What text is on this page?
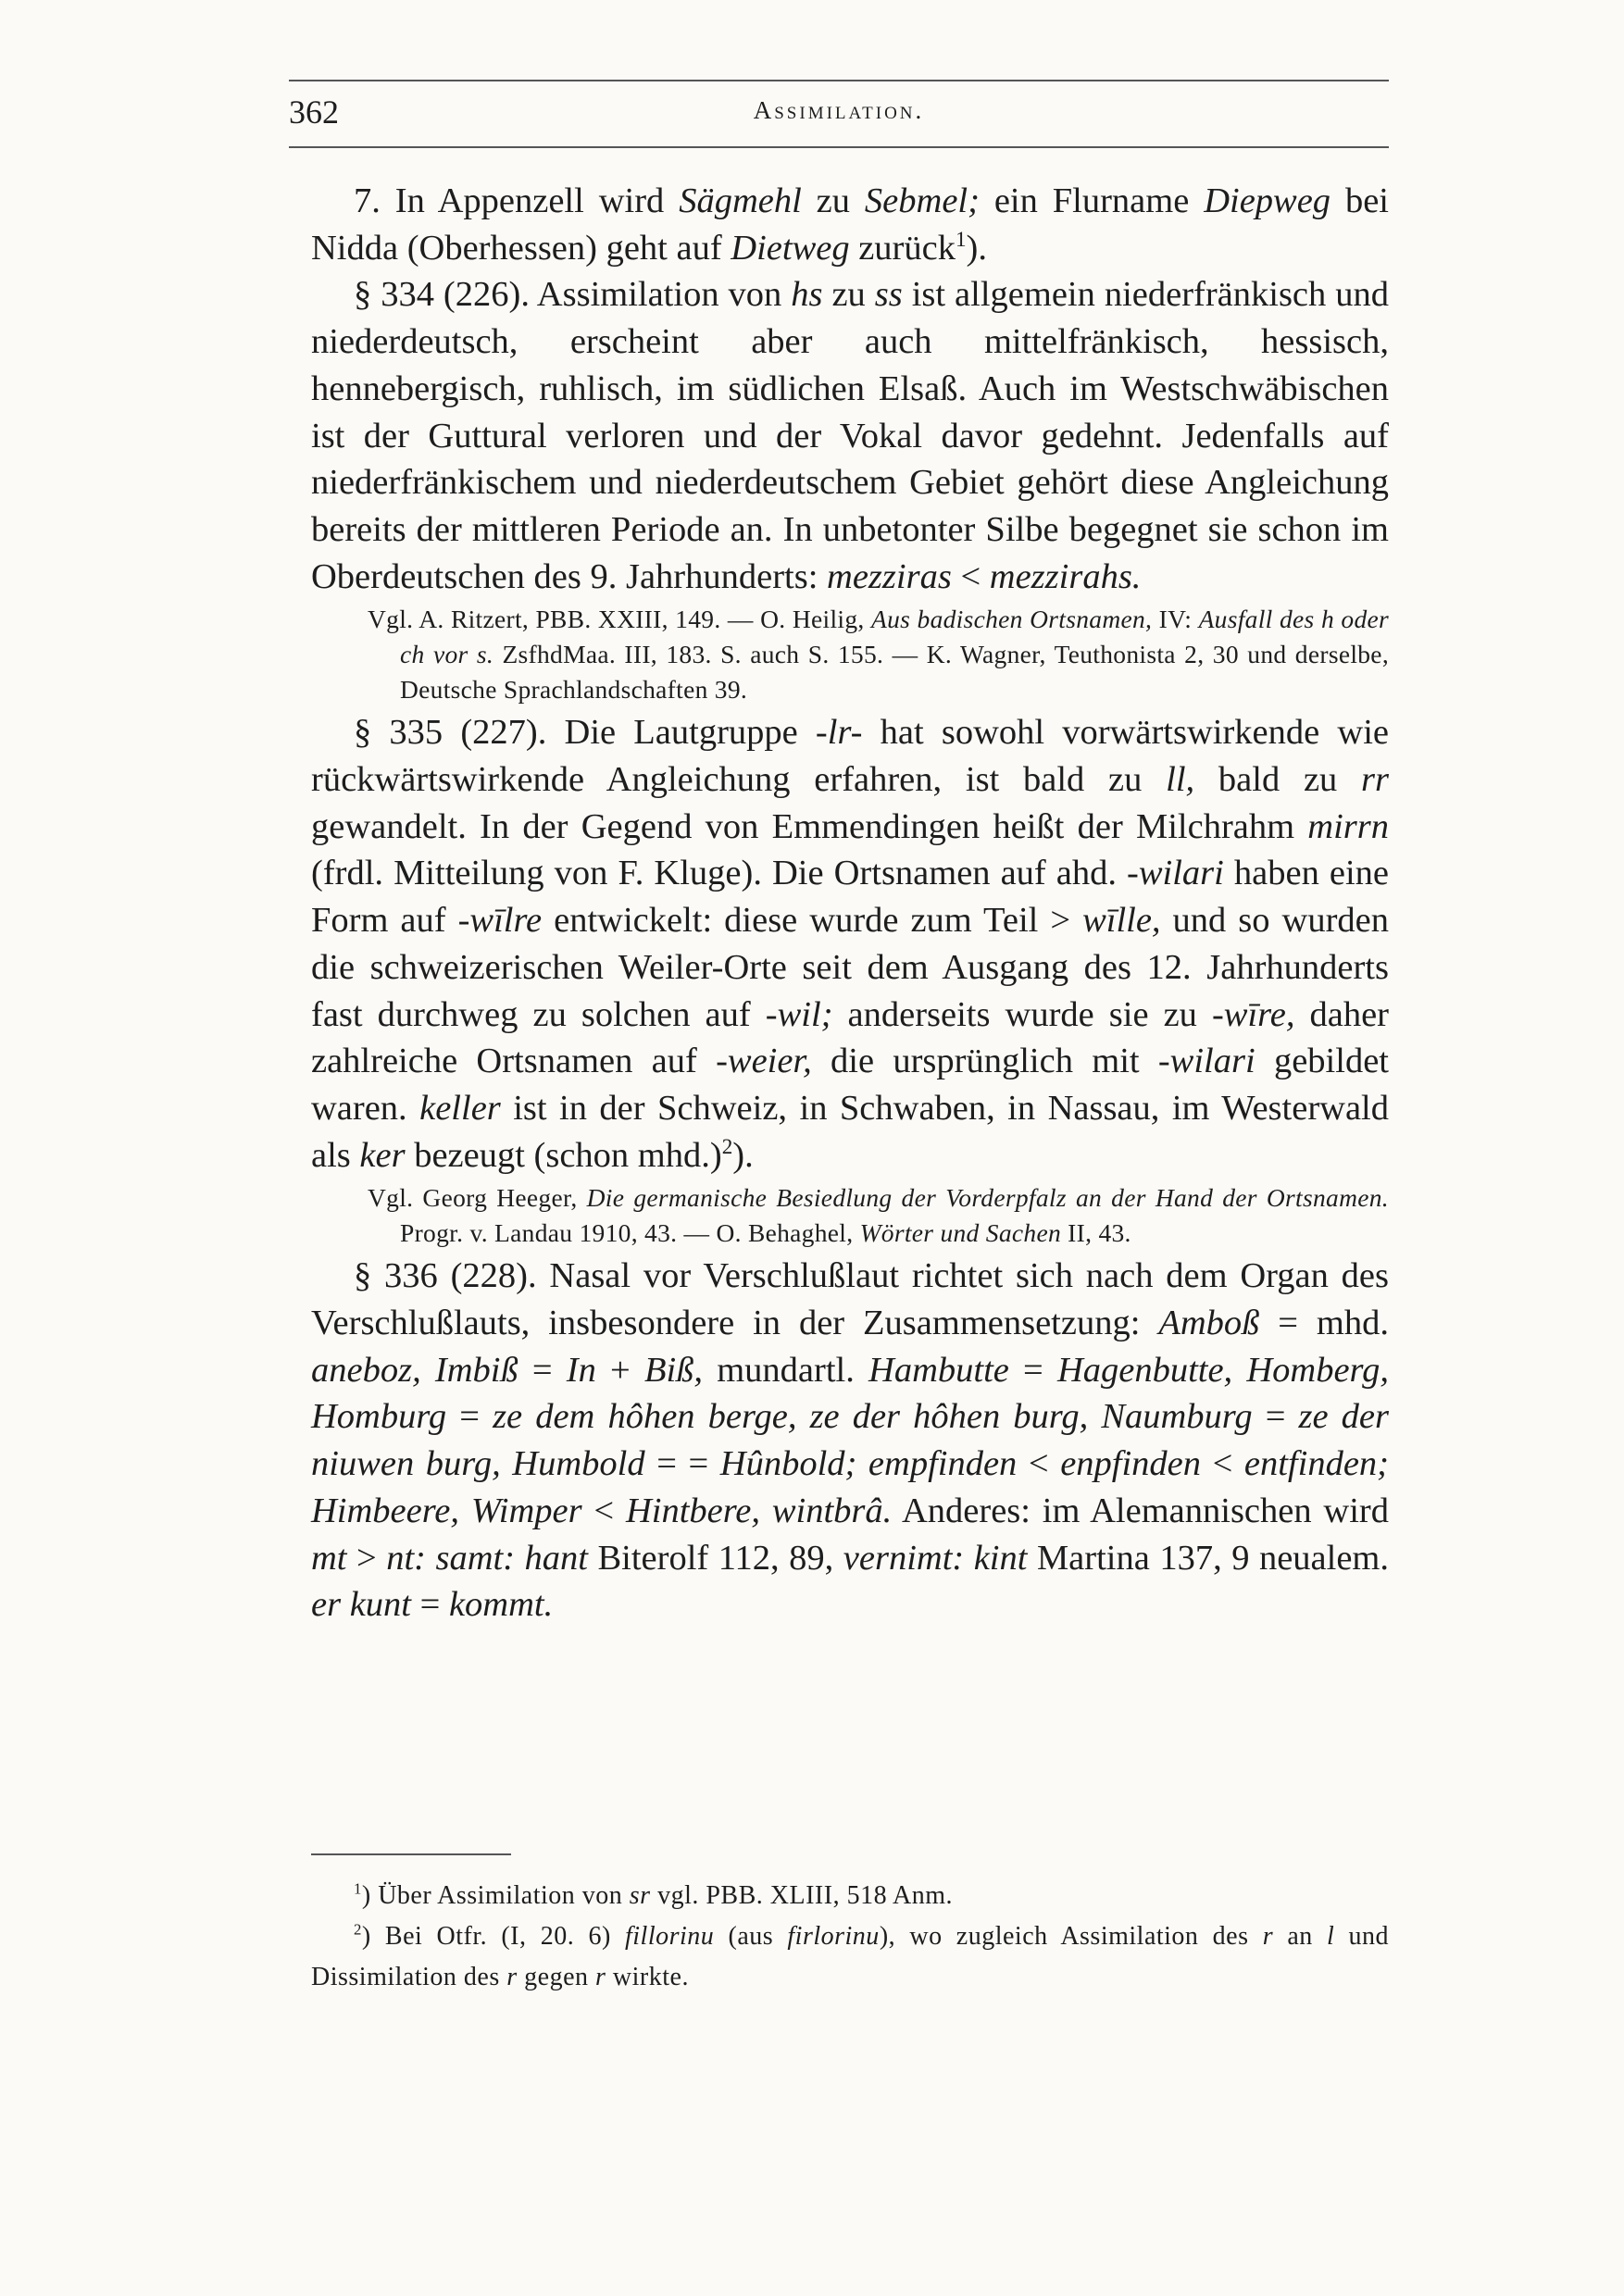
362	Assimilation.

7. In Appenzell wird Sägmehl zu Sebmel; ein Flurname Diepweg bei Nidda (Oberhessen) geht auf Dietweg zurück$^1$).

§ 334 (226). Assimilation von hs zu ss ist allgemein niederfränkisch und niederdeutsch, erscheint aber auch mittelfränkisch, hessisch, hennebergisch, ruhlisch, im südlichen Elsaß. Auch im Westschwäbischen ist der Guttural verloren und der Vokal davor gedehnt. Jedenfalls auf niederfränkischem und niederdeutschem Gebiet gehört diese Angleichung bereits der mittleren Periode an. In unbetonter Silbe begegnet sie schon im Oberdeutschen des 9. Jahrhunderts: mezziras < mezzirahs.

Vgl. A. Ritzert, PBB. XXIII, 149. — O. Heilig, Aus badischen Ortsnamen, IV: Ausfall des h oder ch vor s. ZsfhdMaa. III, 183. S. auch S. 155. — K. Wagner, Teuthonista 2, 30 und derselbe, Deutsche Sprachlandschaften 39.

§ 335 (227). Die Lautgruppe -lr- hat sowohl vorwärtswirkende wie rückwärtswirkende Angleichung erfahren, ist bald zu ll, bald zu rr gewandelt. In der Gegend von Emmendingen heißt der Milchrahm mirrn (frdl. Mitteilung von F. Kluge). Die Ortsnamen auf ahd. -wilari haben eine Form auf -wīlre entwickelt: diese wurde zum Teil > wīlle, und so wurden die schweizerischen Weiler-Orte seit dem Ausgang des 12. Jahrhunderts fast durchweg zu solchen auf -wil; anderseits wurde sie zu -wīre, daher zahlreiche Ortsnamen auf -weier, die ursprünglich mit -wilari gebildet waren. keller ist in der Schweiz, in Schwaben, in Nassau, im Westerwald als ker bezeugt (schon mhd.)$^2$).

Vgl. Georg Heeger, Die germanische Besiedlung der Vorderpfalz an der Hand der Ortsnamen. Progr. v. Landau 1910, 43. — O. Behaghel, Wörter und Sachen II, 43.

§ 336 (228). Nasal vor Verschlußlaut richtet sich nach dem Organ des Verschlußlauts, insbesondere in der Zusammensetzung: Amboß = mhd. aneboz, Imbiß = In + Biß, mundartl. Hambutte = Hagenbutte, Homberg, Homburg = ze dem hôhen berge, ze der hôhen burg, Naumburg = ze der niuwen burg, Humbold = = Hûnbold; empfinden < enpfinden < entfinden; Himbeere, Wimper < Hintbere, wintbrâ. Anderes: im Alemannischen wird mt > nt: samt: hant Biterolf 112, 89, vernimt: kint Martina 137, 9 neualem. er kunt = kommt.

$^1$) Über Assimilation von sr vgl. PBB. XLIII, 518 Anm.

$^2$) Bei Otfr. (I, 20. 6) fillorinu (aus firlorinu), wo zugleich Assimilation des r an l und Dissimilation des r gegen r wirkte.
